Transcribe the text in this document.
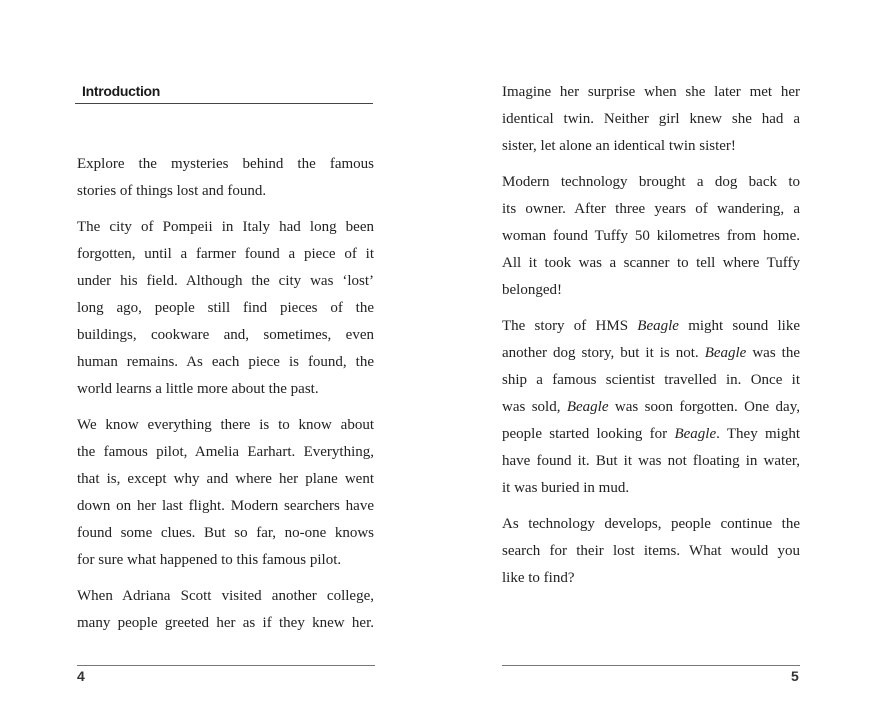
Introduction
Explore the mysteries behind the famous
stories of things lost and found.
The city of Pompeii in Italy had long been
forgotten, until a farmer found a piece of it
under his field. Although the city was ‘lost’
long ago, people still find pieces of the
buildings, cookware and, sometimes, even
human remains. As each piece is found, the
world learns a little more about the past.
We know everything there is to know about
the famous pilot, Amelia Earhart. Everything,
that is, except why and where her plane went
down on her last flight. Modern searchers have
found some clues. But so far, no-one knows
for sure what happened to this famous pilot.
When Adriana Scott visited another college,
many people greeted her as if they knew her.
4
Imagine her surprise when she later met her
identical twin. Neither girl knew she had a
sister, let alone an identical twin sister!
Modern technology brought a dog back to
its owner. After three years of wandering, a
woman found Tuffy 50 kilometres from home.
All it took was a scanner to tell where Tuffy
belonged!
The story of HMS Beagle might sound like
another dog story, but it is not. Beagle was the
ship a famous scientist travelled in. Once it
was sold, Beagle was soon forgotten. One day,
people started looking for Beagle. They might
have found it. But it was not floating in water,
it was buried in mud.
As technology develops, people continue the
search for their lost items. What would you
like to find?
5
